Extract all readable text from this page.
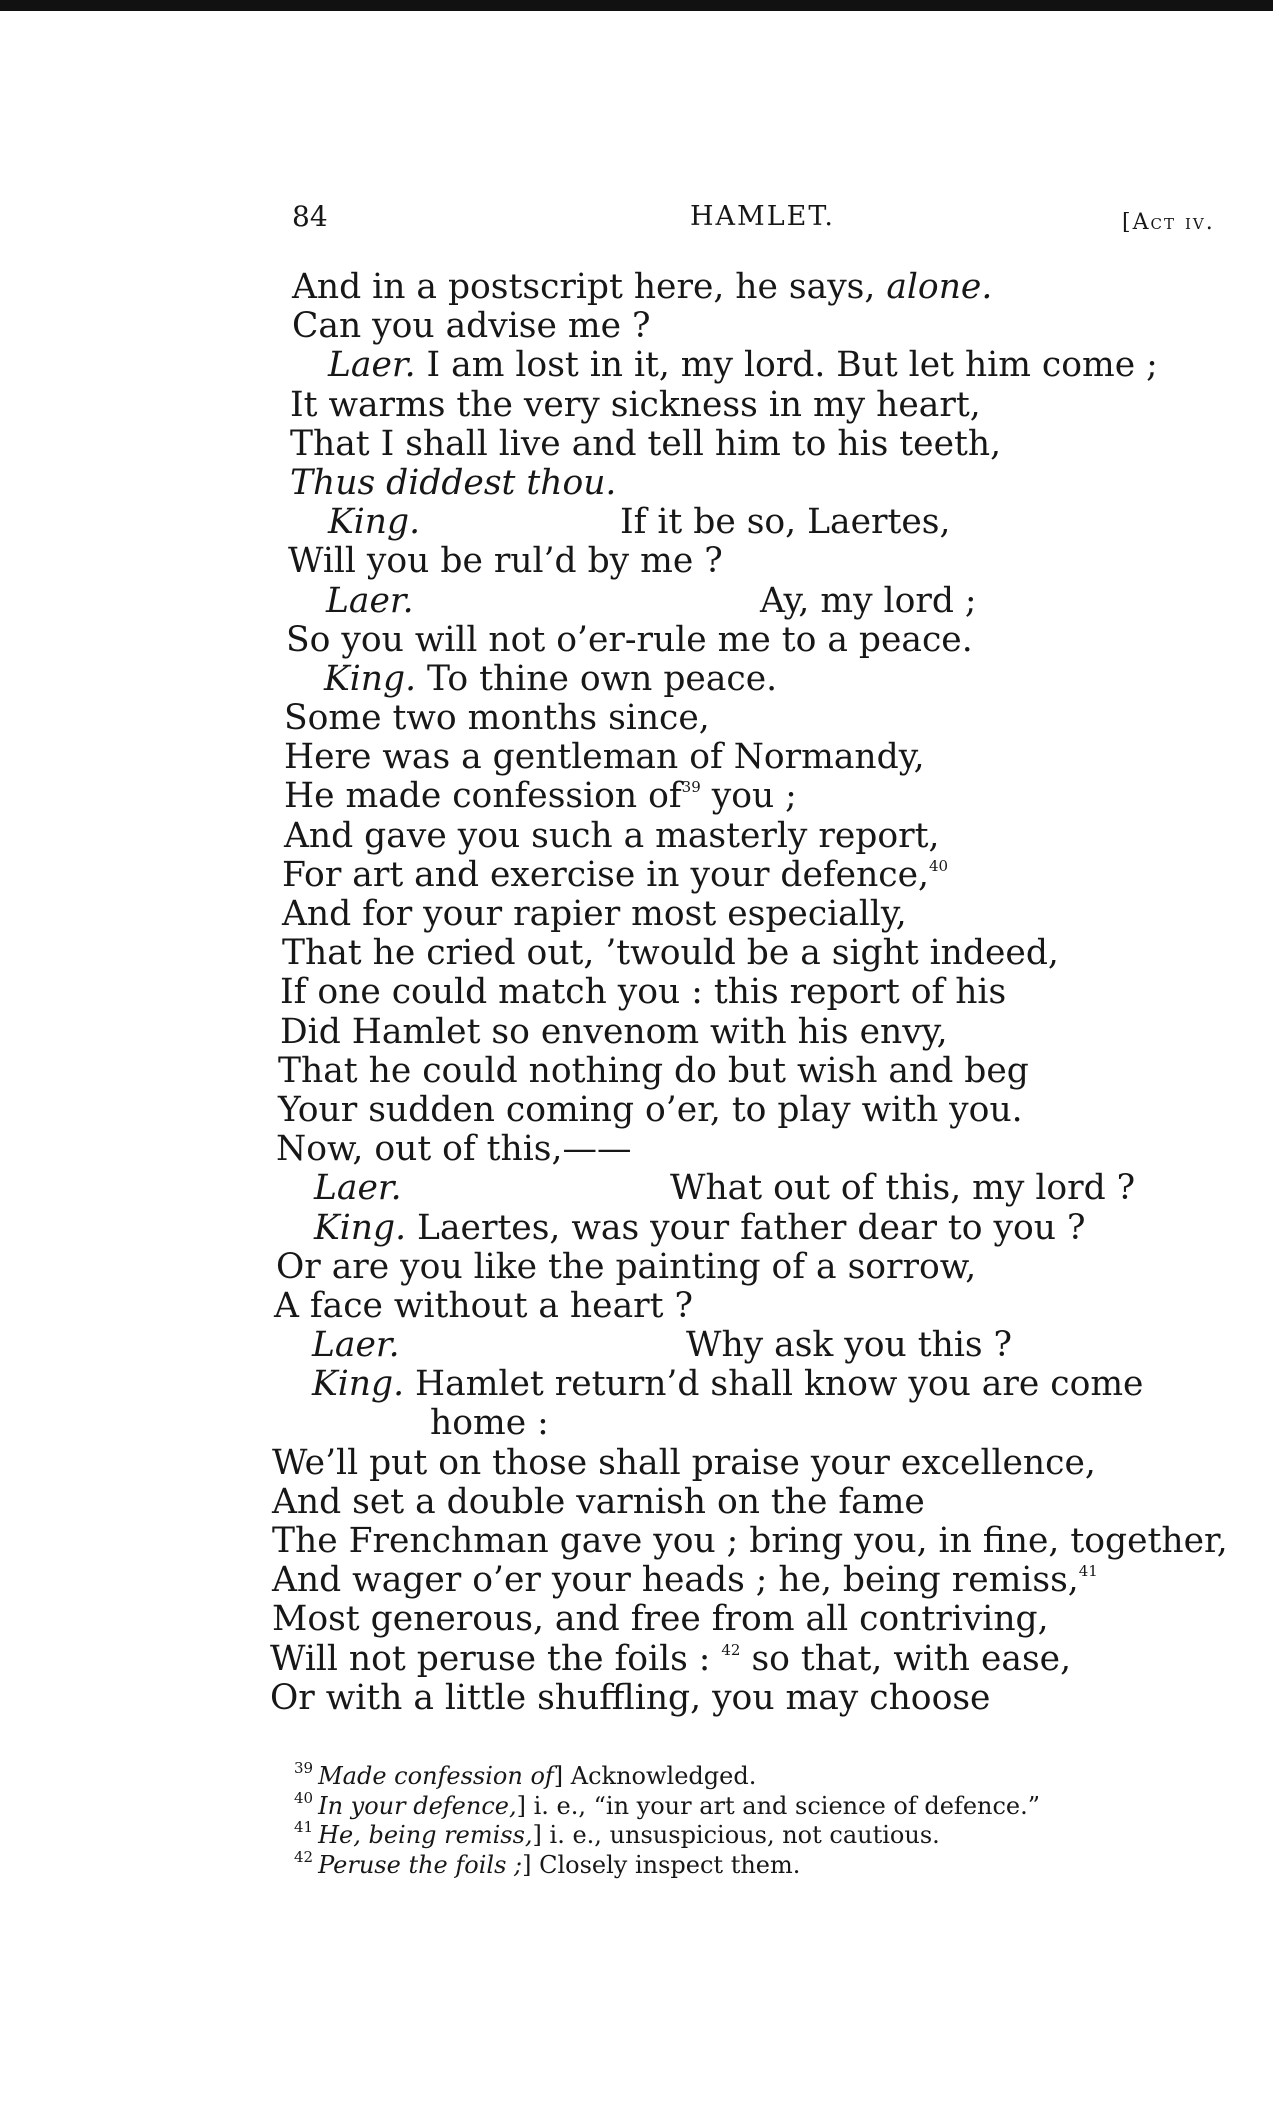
84	HAMLET.	[Act iv.
And in a postscript here, he says, alone.
Can you advise me ?
Laer. I am lost in it, my lord. But let him come ;
It warms the very sickness in my heart,
That I shall live and tell him to his teeth,
Thus diddest thou.
King.	If it be so, Laertes,
Will you be rul’d by me ?
Laer.	Ay, my lord ;
So you will not o’er-rule me to a peace.
King. To thine own peace.
Some two months since,
Here was a gentleman of Normandy,
He made confession of$^{39}$ you ;
And gave you such a masterly report,
For art and exercise in your defence,$^{40}$
And for your rapier most especially,
That he cried out, ’twould be a sight indeed,
If one could match you : this report of his
Did Hamlet so envenom with his envy,
That he could nothing do but wish and beg
Your sudden coming o’er, to play with you.
Now, out of this,——
Laer.	What out of this, my lord ?
King. Laertes, was your father dear to you ?
Or are you like the painting of a sorrow,
A face without a heart ?
Laer.	Why ask you this ?
King. Hamlet return’d shall know you are come
home :
We’ll put on those shall praise your excellence,
And set a double varnish on the fame
The Frenchman gave you ; bring you, in fine, together,
And wager o’er your heads ; he, being remiss,$^{41}$
Most generous, and free from all contriving,
Will not peruse the foils : $^{42}$ so that, with ease,
Or with a little shuffling, you may choose
$^{39}$ Made confession of] Acknowledged.
$^{40}$ In your defence,] i. e., “in your art and science of defence.”
$^{41}$ He, being remiss,] i. e., unsuspicious, not cautious.
$^{42}$ Peruse the foils ;] Closely inspect them.
